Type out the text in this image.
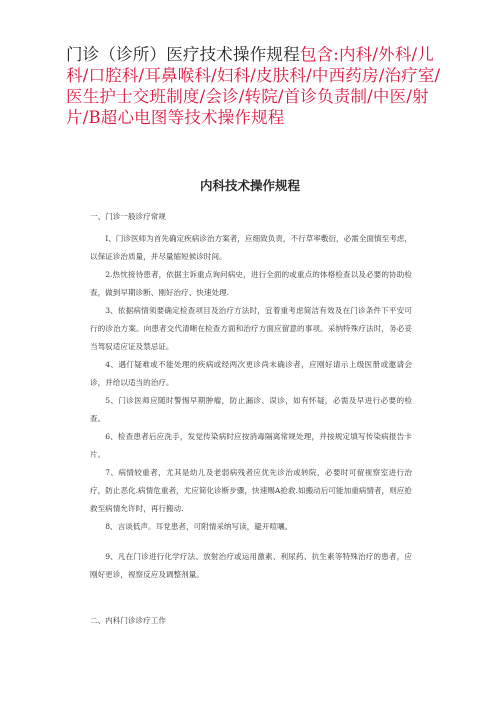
门诊（诊所）医疗技术操作规程包含:内科/外科/儿科/口腔科/耳鼻喉科/妇科/皮肤科/中西药房/治疗室/医生护士交班制度/会诊/转院/首诊负责制/中医/射片/B超心电图等技术操作规程
内科技术操作规程

一、门诊一般诊疗常规

I、门诊医师为首先确定疾病诊治方案者，应细致负责，不行草率敷衍，必需全面慎至考虑，以保证诊治质量，并尽量缩短候诊时间。

2.热忱接待患者，依据主诉重点询问病史，进行全面的或重点的体格检查以及必要的协助检查，做到早期诊断、刚好治疗、快速处理.

3、依据病情须要确定检查项目及治疗方法时，宜着重考虑简洁有效及在门诊条件下平安可行的诊治方案。向患者交代清晰在检查方面和治疗方面应留意的事项。采纳特殊疗法时，务必妥当驾驭适应证及禁忌证。

4、遇仃疑难或不能处理的疾病或经两次更诊尚未确诊者，应刚好请示上级医册或邀请会诊，并给以适当的治疗。

5、门诊医师应随时警惕早期肿瘤，防止漏诊、误诊，如有怀疑，必需及早进行必要的检查。

6、检查患者后应洗手，发觉传染病时应按消毒隔离常规处理，并按规定填写传染病报告卡片。

7、病情较重者，尤其是幼儿及老弱病残者应优先诊治或转院，必要时可留视察室进行治疗，防止恶化.病情危重者，尤应简化诊断步骤，快速赐A抢救.如搬动后可能加重病情者，则应抢救至病情允许时，再行搬动.

8、言谈低声。耳党患者，可附情采纳写读，避开喧嚷。

9、凡在门诊进行化学疗法、放射治疗或运用激素、利尿药、抗生素等特殊治疗的患者，应刚好更诊，视察反应及调整剂量。

二、内科门诊诊疗工作
